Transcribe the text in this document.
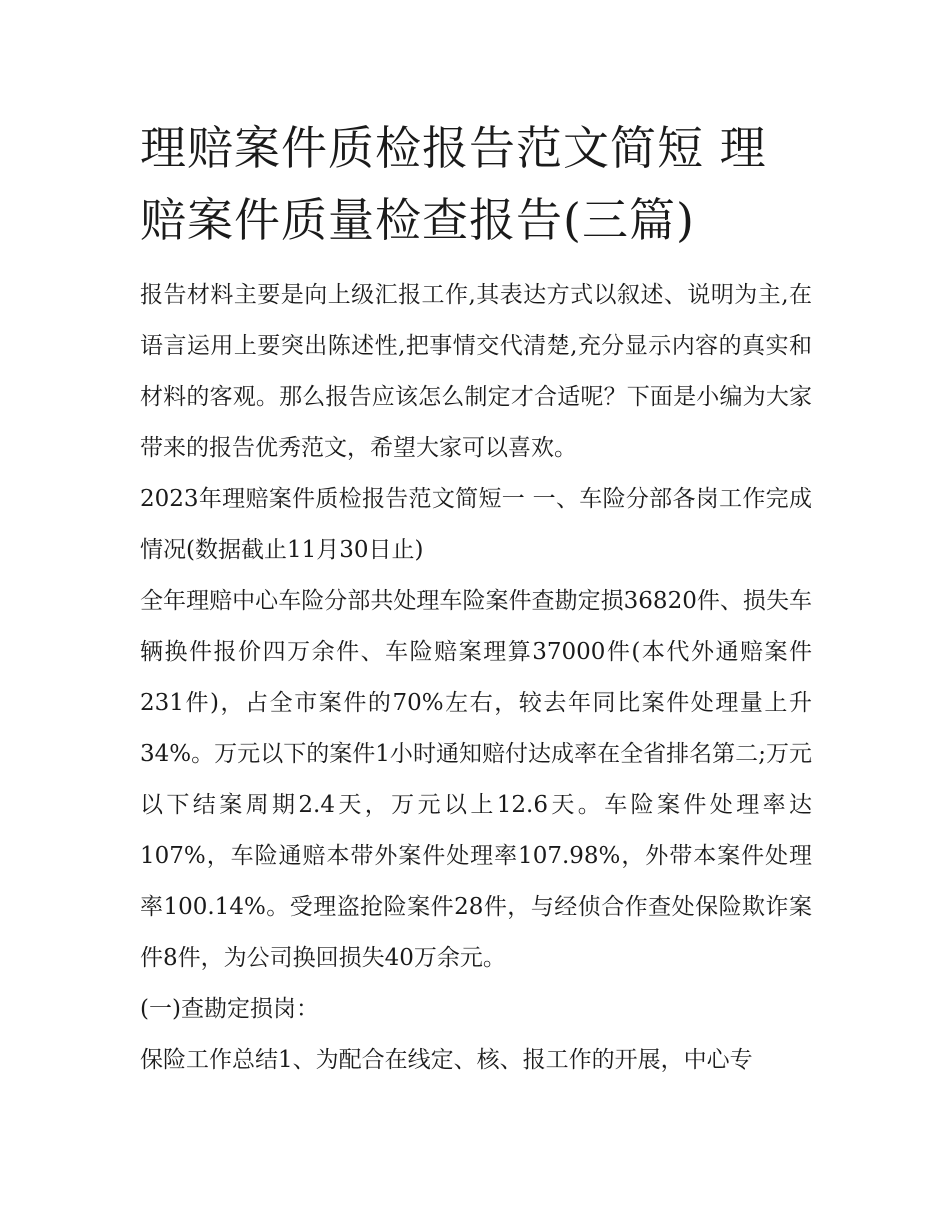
理赔案件质检报告范文简短 理赔案件质量检查报告(三篇)

报告材料主要是向上级汇报工作,其表达方式以叙述、说明为主,在语言运用上要突出陈述性,把事情交代清楚,充分显示内容的真实和材料的客观。那么报告应该怎么制定才合适呢？下面是小编为大家带来的报告优秀范文，希望大家可以喜欢。

2023年理赔案件质检报告范文简短一 一、车险分部各岗工作完成情况(数据截止11月30日止)

全年理赔中心车险分部共处理车险案件查勘定损36820件、损失车辆换件报价四万余件、车险赔案理算37000件(本代外通赔案件231件)，占全市案件的70%左右，较去年同比案件处理量上升34%。万元以下的案件1小时通知赔付达成率在全省排名第二;万元以下结案周期2.4天，万元以上12.6天。车险案件处理率达107%，车险通赔本带外案件处理率107.98%，外带本案件处理率100.14%。受理盗抢险案件28件，与经侦合作查处保险欺诈案件8件，为公司换回损失40万余元。

(一)查勘定损岗：

保险工作总结1、为配合在线定、核、报工作的开展，中心专
